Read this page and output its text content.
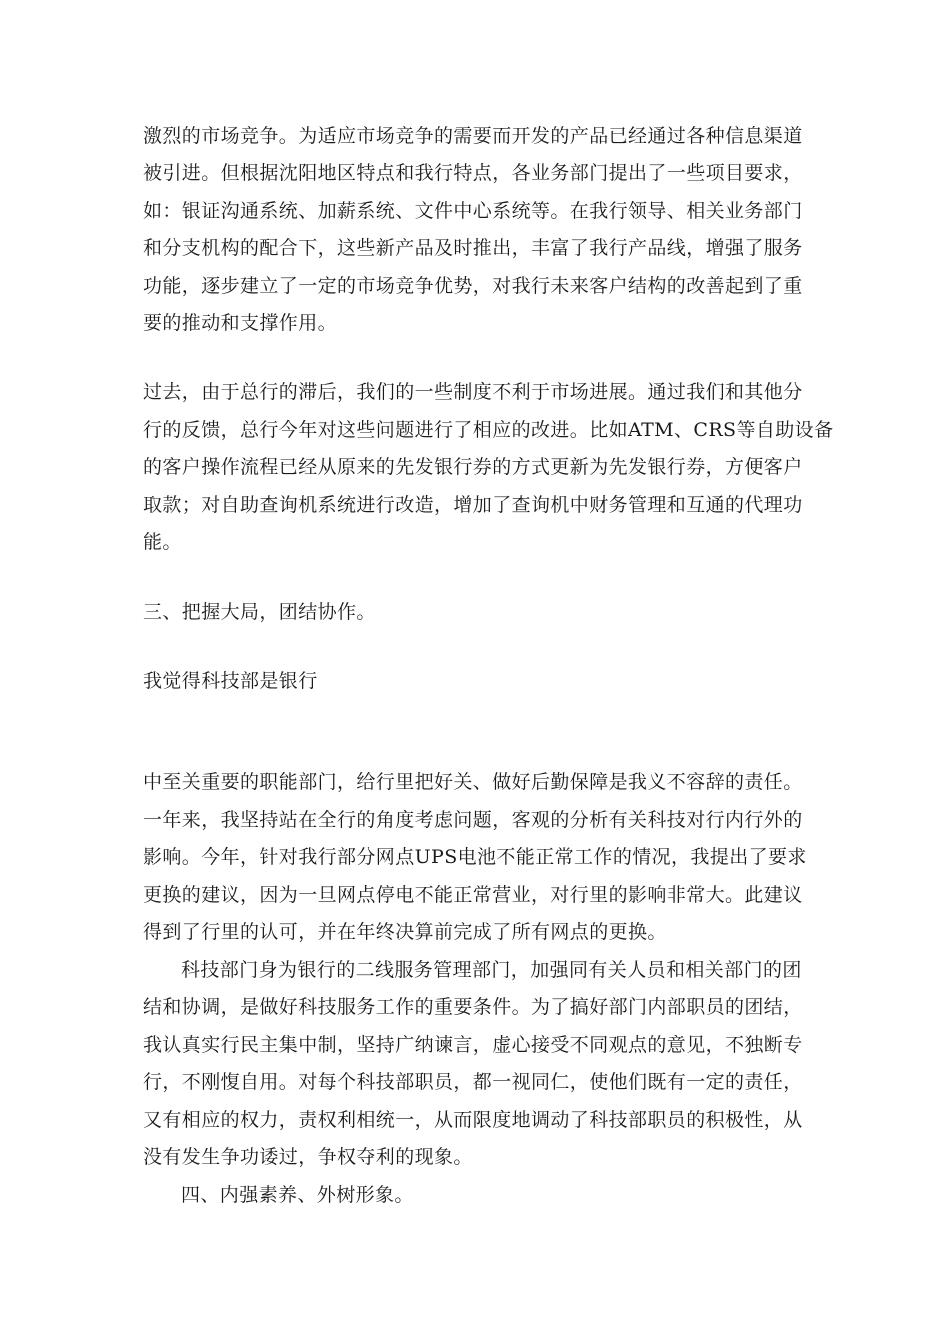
激烈的市场竞争。为适应市场竞争的需要而开发的产品已经通过各种信息渠道
被引进。但根据沈阳地区特点和我行特点，各业务部门提出了一些项目要求，
如：银证沟通系统、加薪系统、文件中心系统等。在我行领导、相关业务部门
和分支机构的配合下，这些新产品及时推出，丰富了我行产品线，增强了服务
功能，逐步建立了一定的市场竞争优势，对我行未来客户结构的改善起到了重
要的推动和支撑作用。
过去，由于总行的滞后，我们的一些制度不利于市场进展。通过我们和其他分
行的反馈，总行今年对这些问题进行了相应的改进。比如ATM、CRS等自助设备
的客户操作流程已经从原来的先发银行券的方式更新为先发银行券，方便客户
取款；对自助查询机系统进行改造，增加了查询机中财务管理和互通的代理功
能。
三、把握大局，团结协作。
我觉得科技部是银行
中至关重要的职能部门，给行里把好关、做好后勤保障是我义不容辞的责任。
一年来，我坚持站在全行的角度考虑问题，客观的分析有关科技对行内行外的
影响。今年，针对我行部分网点UPS电池不能正常工作的情况，我提出了要求
更换的建议，因为一旦网点停电不能正常营业，对行里的影响非常大。此建议
得到了行里的认可，并在年终决算前完成了所有网点的更换。
科技部门身为银行的二线服务管理部门，加强同有关人员和相关部门的团
结和协调，是做好科技服务工作的重要条件。为了搞好部门内部职员的团结，
我认真实行民主集中制，坚持广纳谏言，虚心接受不同观点的意见，不独断专
行，不刚愎自用。对每个科技部职员，都一视同仁，使他们既有一定的责任，
又有相应的权力，责权利相统一，从而限度地调动了科技部职员的积极性，从
没有发生争功诿过，争权夺利的现象。
四、内强素养、外树形象。
